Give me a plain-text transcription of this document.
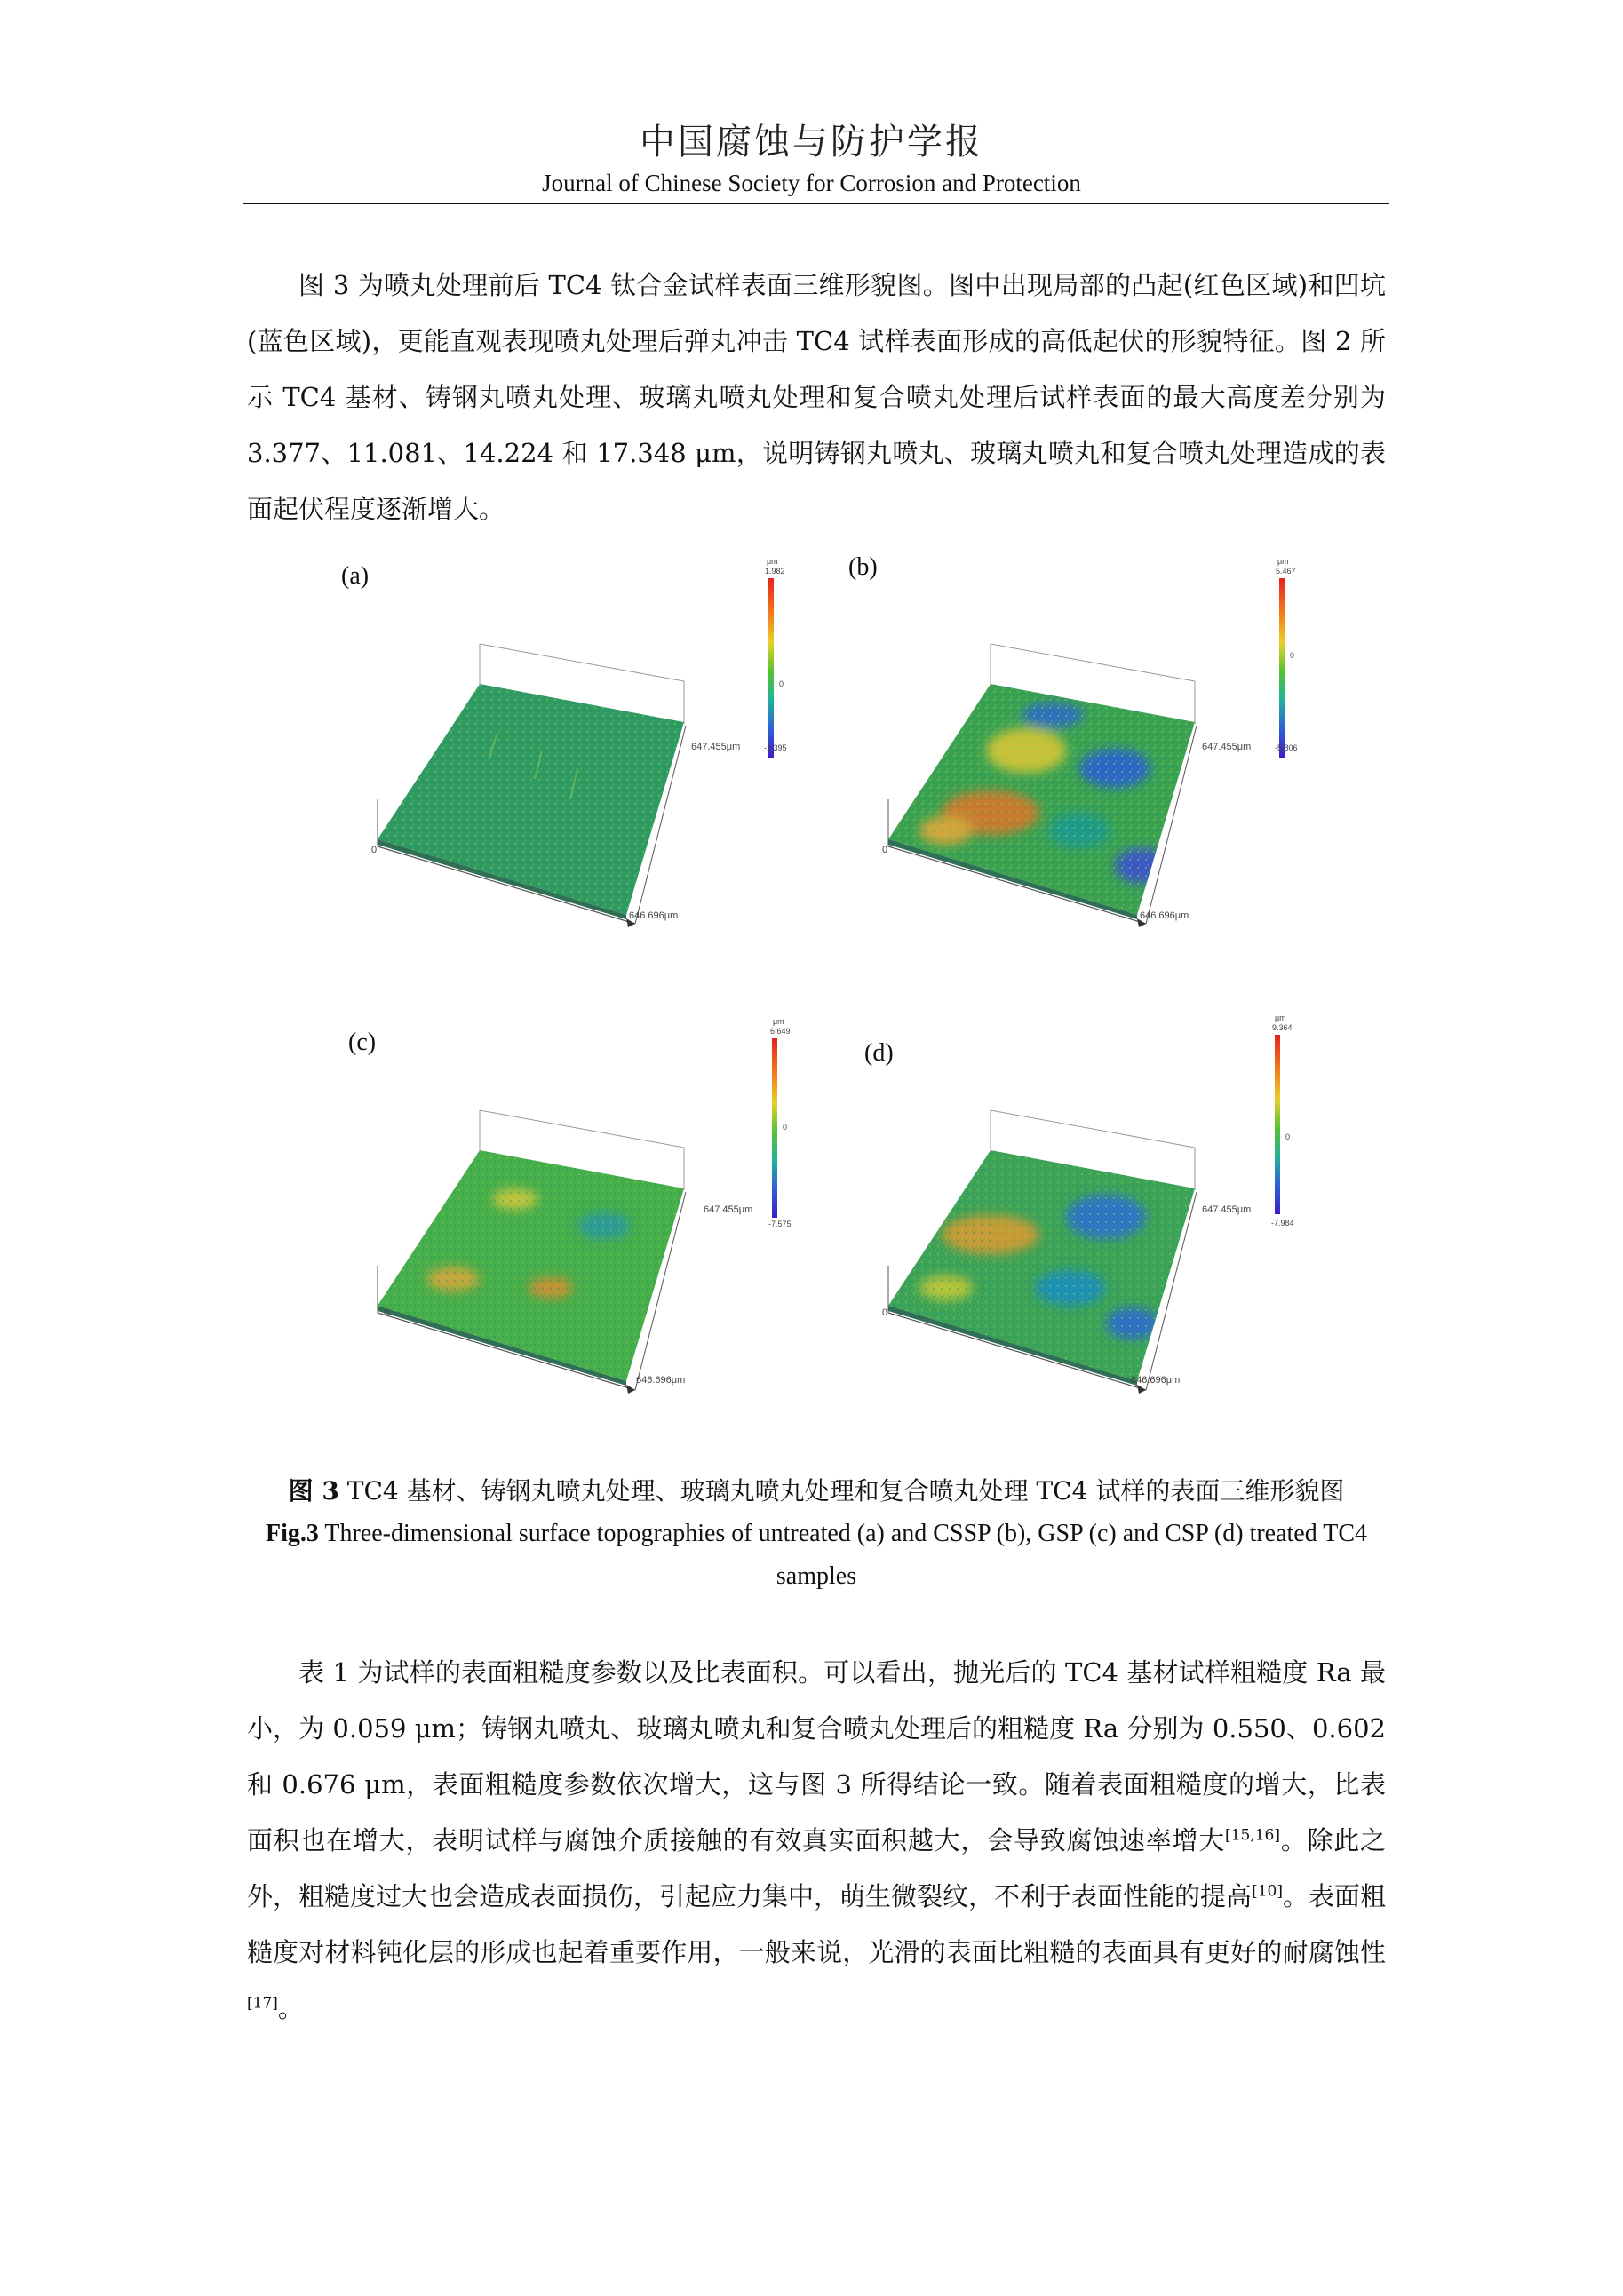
中国腐蚀与防护学报
Journal of Chinese Society for Corrosion and Protection

图 3 为喷丸处理前后 TC4 钛合金试样表面三维形貌图。图中出现局部的凸起(红色区域)和凹坑(蓝色区域)，更能直观表现喷丸处理后弹丸冲击 TC4 试样表面形成的高低起伏的形貌特征。图 2 所示 TC4 基材、铸钢丸喷丸处理、玻璃丸喷丸处理和复合喷丸处理后试样表面的最大高度差分别为 3.377、11.081、14.224 和 17.348 μm，说明铸钢丸喷丸、玻璃丸喷丸和复合喷丸处理造成的表面起伏程度逐渐增大。

(a)
647.455μm
0
646.696μm
μm
1.982
0
-1.395
(b)
647.455μm
0
646.696μm
μm
5.467
0
-5.806
(c)
647.455μm
0
646.696μm
μm
6.649
0
-7.575
(d)
647.455μm
0
646.696μm
μm
9.364
0
-7.984
图 3 TC4 基材、铸钢丸喷丸处理、玻璃丸喷丸处理和复合喷丸处理 TC4 试样的表面三维形貌图
Fig.3 Three-dimensional surface topographies of untreated (a) and CSSP (b), GSP (c) and CSP (d) treated TC4 samples

表 1 为试样的表面粗糙度参数以及比表面积。可以看出，抛光后的 TC4 基材试样粗糙度 Ra 最小，为 0.059 μm；铸钢丸喷丸、玻璃丸喷丸和复合喷丸处理后的粗糙度 Ra 分别为 0.550、0.602 和 0.676 μm，表面粗糙度参数依次增大，这与图 3 所得结论一致。随着表面粗糙度的增大，比表面积也在增大，表明试样与腐蚀介质接触的有效真实面积越大，会导致腐蚀速率增大[15,16]。除此之外，粗糙度过大也会造成表面损伤，引起应力集中，萌生微裂纹，不利于表面性能的提高[10]。表面粗糙度对材料钝化层的形成也起着重要作用，一般来说，光滑的表面比粗糙的表面具有更好的耐腐蚀性[17]。
